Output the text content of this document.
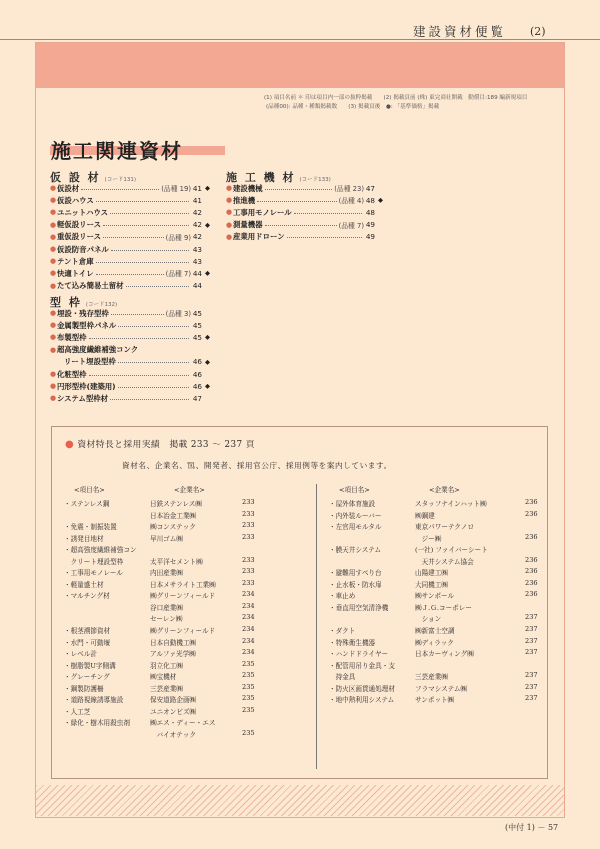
建設資材便覧 (2)
(1) 項目名前 ＊ 印は項目内一部の抜粋掲載　　(2) 掲載頁前 (株) 東完商社開載　動償目:189 編新規項目
(品種00): 品種・種類掲載数　　(3) 掲載頁後　●: 「基準価格」掲載
施工関連資材
仮 設 材 (コード131)
● 仮設材	(品種 19) 41 ◆
● 仮設ハウス	41
● ユニットハウス	42
● 軽仮設リース	42 ◆
● 重仮設リース	(品種 9) 42
● 仮設防音パネル	43
● テント倉庫	43
● 快適トイレ	(品種 7) 44 ◆
● たて込み簡易土留材	44
型 枠 (コード132)
● 埋設・残存型枠	(品種 3) 45
● 金属製型枠パネル	45
● 布製型枠	45 ◆
● 超高強度繊維補強コンク
リート埋設型枠	46 ◆
● 化粧型枠	46
● 円形型枠(建築用)	46 ◆
● システム型枠材	47
施 工 機 材 (コード133)
● 建設機械	(品種 23) 47
● 推進機	(品種 4) 48 ◆
● 工事用モノレール	48
● 測量機器	(品種 7) 49
● 産業用ドローン	49
● 資材特長と採用実績　掲載 233 ～ 237 頁
資材名、企業名、℡、開発者、採用官公庁、採用例等を案内しています。
<項目名>	<企業名>
・ステンレス鋼	日鉄ステンレス㈱	233
日本冶金工業㈱	233
・免震・制振装置	㈱コンステック	233
・誘発目地材	早川ゴム㈱	233
・超高強度繊維補強コン
　クリート埋設型枠	太平洋セメント㈱	233
・工事用モノレール	内田産業㈱	233
・軽量盛土材	日本メサライト工業㈱	233
・マルチング材	㈱グリーンフィールド	234
谷口産業㈱	234
セーレン㈱	234
・根茎溯節資材	㈱グリーンフィールド	234
・水門・可動堰	日本自動機工㈱	234
・レベル計	アルファ光学㈱	234
・樹脂製U字側溝	羽立化工㈱	235
・グレーチング	㈱宝機材	235
・鋼製防護柵	三芸産業㈱	235
・道路視線誘導施設	保安道路企画㈱	235
・人工芝	ユニオンビズ㈱	235
・緑化・樹木用殺虫剤	㈱エス・ディー・エス
　バイオテック	235
<項目名>	<企業名>
・屋外体育施設	スタッフナインハット㈱	236
・内外装ルーバー	㈱鋼建	236
・左官用モルタル	東京パワーテクノロ
　ジー㈱	236
・膜天井システム	(一社) ファイバーシート
　天井システム協会	236
・避難用すべり台	山陽建工㈱	236
・止水板・防水扉	大同機工㈱	236
・車止め	㈱サンポール	236
・垂直用空気清浄機	㈱Ｊ.Ｇ.コーポレー
　ション	237
・ダクト	㈱新富士空調	237
・特殊衛生機器	㈱ディラック	237
・ハンドドライヤー	日本カーヴィング㈱	237
・配管用吊り金具・支
　持金具	三芸産業㈱	237
・防火区画貫通処理材	フラマシステム㈱	237
・地中熱利用システム	サンポット㈱	237
(中付 1) － 57
